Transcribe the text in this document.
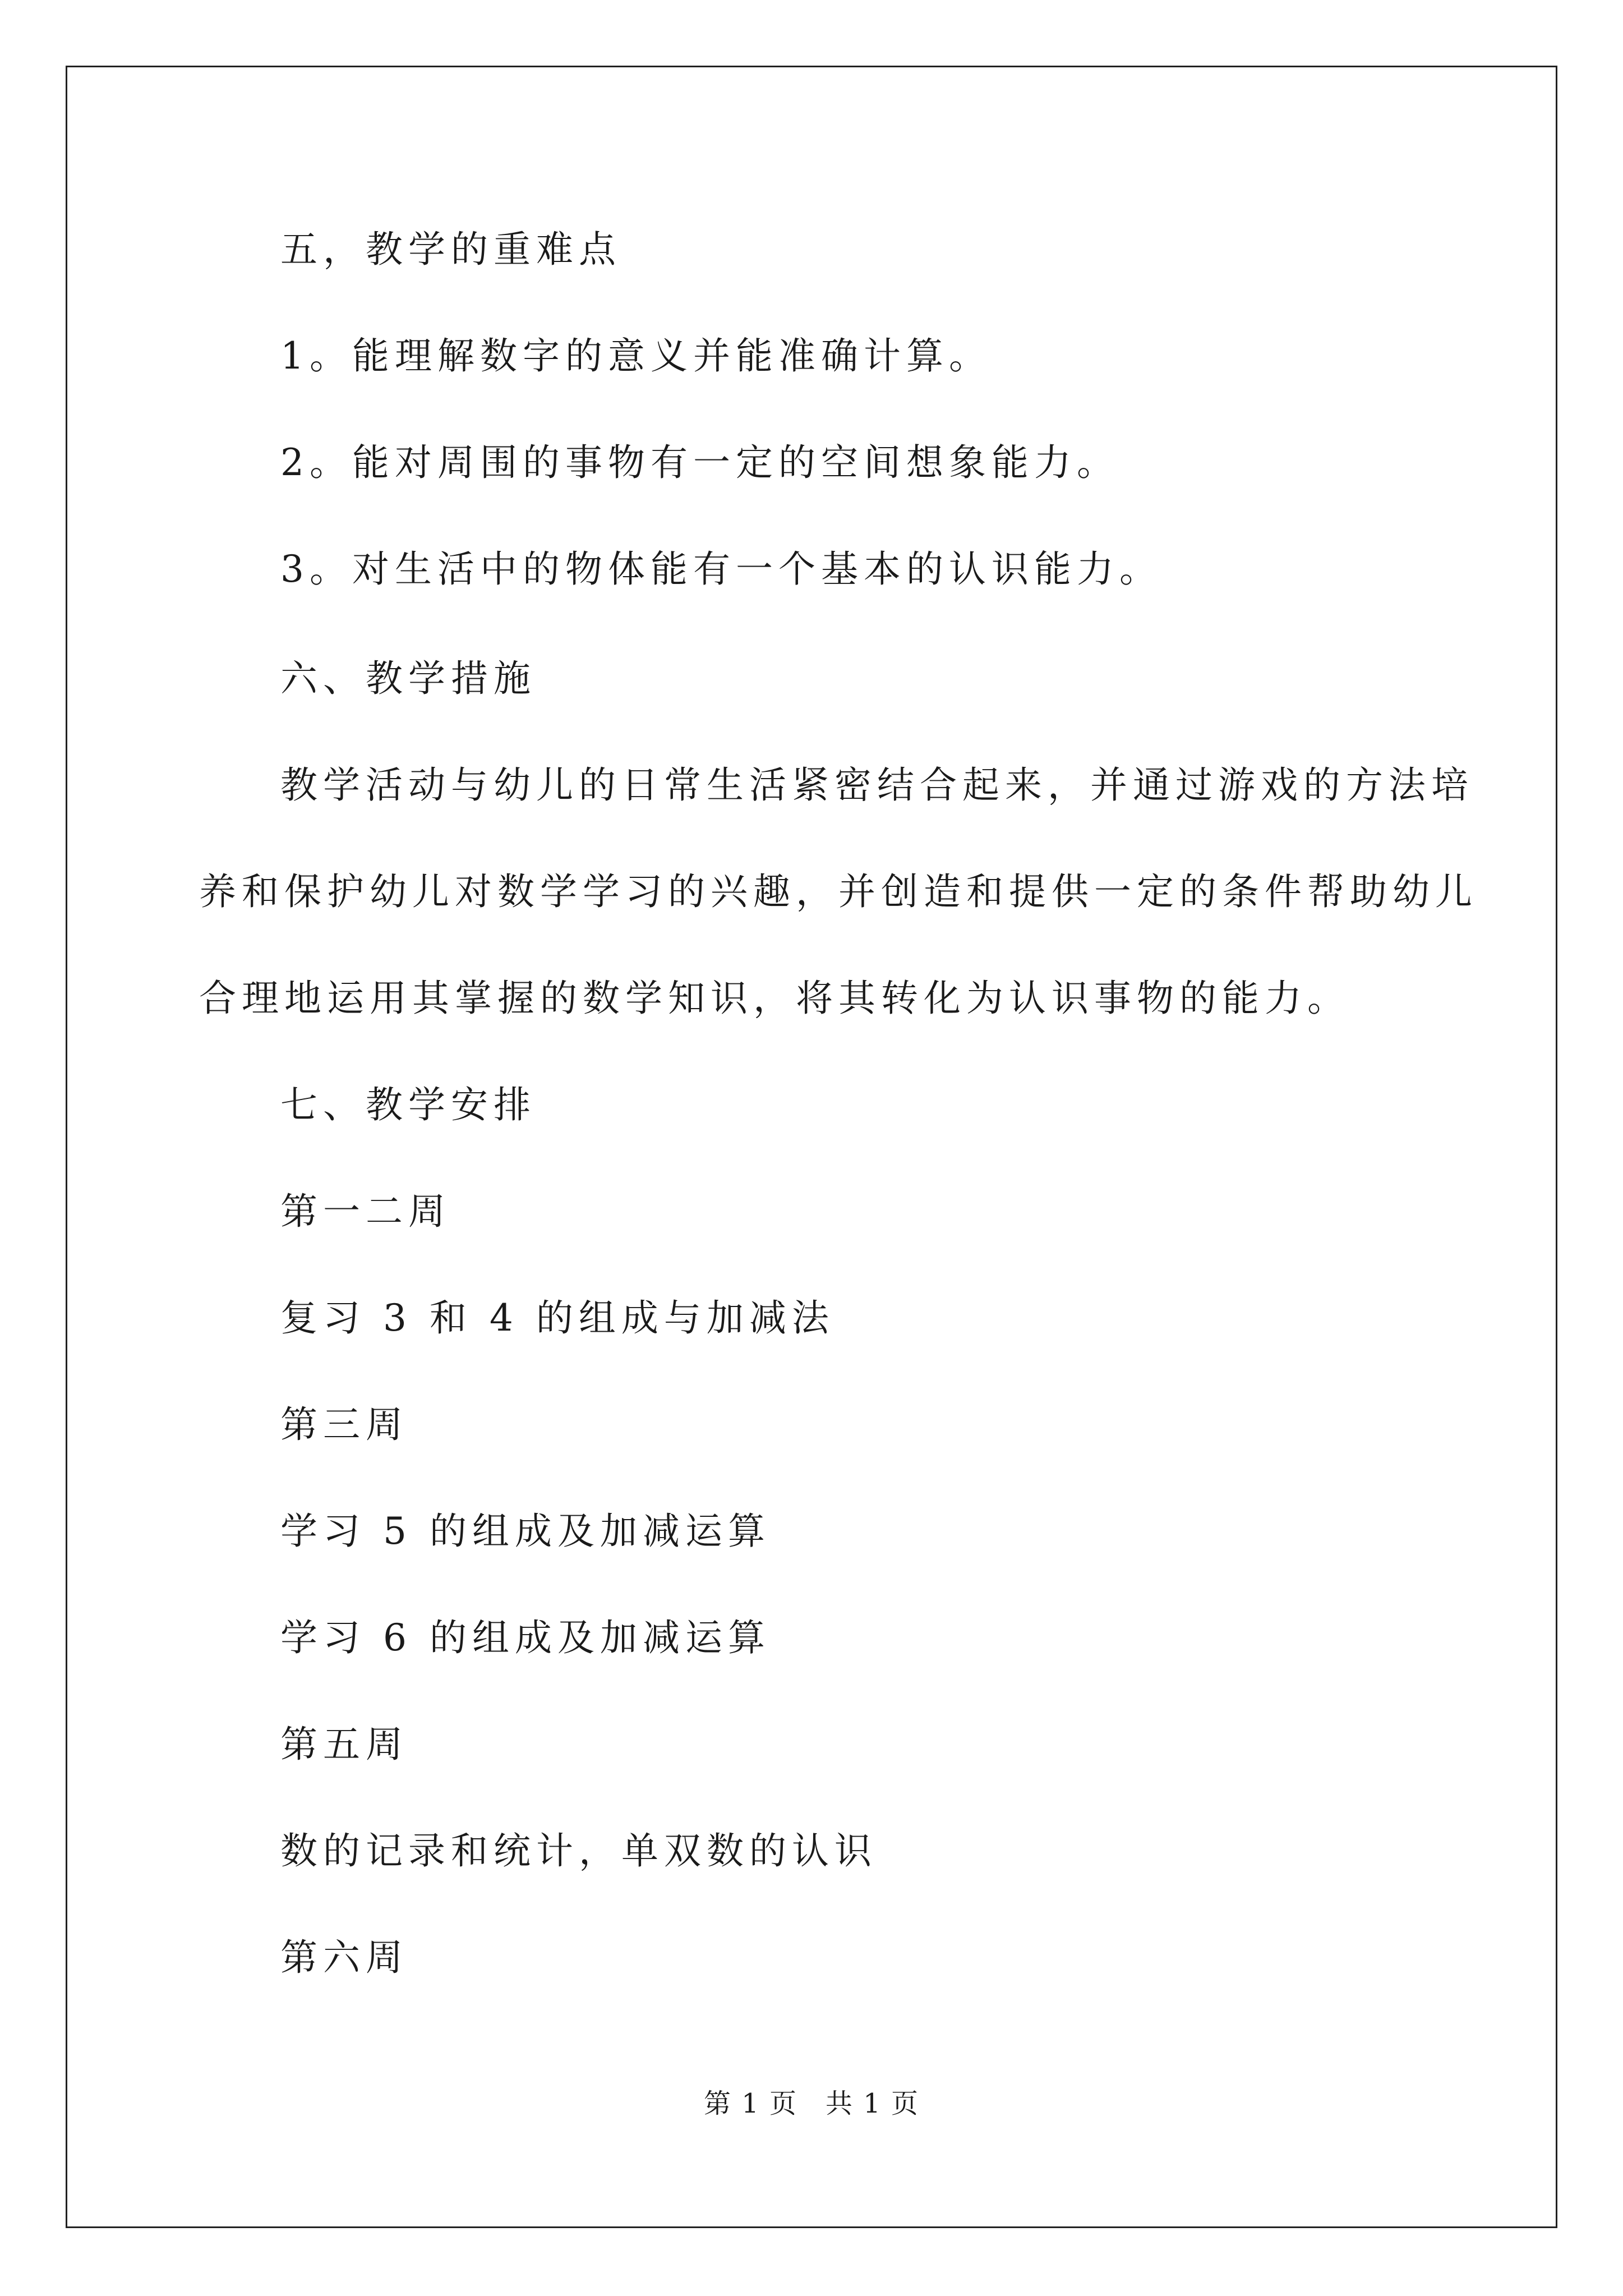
五，教学的重难点

1。能理解数字的意义并能准确计算。

2。能对周围的事物有一定的空间想象能力。

3。对生活中的物体能有一个基本的认识能力。

六、教学措施

教学活动与幼儿的日常生活紧密结合起来，并通过游戏的方法培

养和保护幼儿对数学学习的兴趣，并创造和提供一定的条件帮助幼儿

合理地运用其掌握的数学知识，将其转化为认识事物的能力。

七、教学安排

第一二周

复习 3 和 4 的组成与加减法

第三周

学习 5 的组成及加减运算

学习 6 的组成及加减运算

第五周

数的记录和统计，单双数的认识

第六周

第 1 页　共 1 页
